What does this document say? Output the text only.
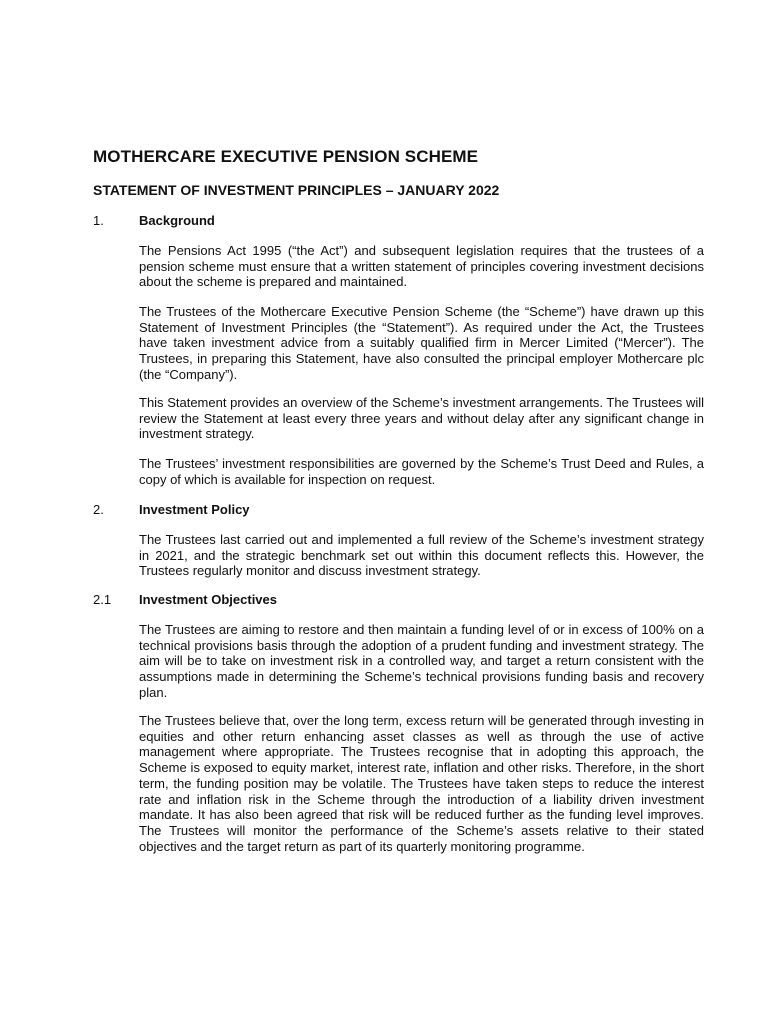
MOTHERCARE EXECUTIVE PENSION SCHEME
STATEMENT OF INVESTMENT PRINCIPLES – JANUARY 2022
1.	Background

The Pensions Act 1995 (“the Act”) and subsequent legislation requires that the trustees of a pension scheme must ensure that a written statement of principles covering investment decisions about the scheme is prepared and maintained.

The Trustees of the Mothercare Executive Pension Scheme (the “Scheme”) have drawn up this Statement of Investment Principles (the “Statement”). As required under the Act, the Trustees have taken investment advice from a suitably qualified firm in Mercer Limited (“Mercer”). The Trustees, in preparing this Statement, have also consulted the principal employer Mothercare plc (the “Company”).

This Statement provides an overview of the Scheme’s investment arrangements. The Trustees will review the Statement at least every three years and without delay after any significant change in investment strategy.

The Trustees’ investment responsibilities are governed by the Scheme’s Trust Deed and Rules, a copy of which is available for inspection on request.

2.	Investment Policy

The Trustees last carried out and implemented a full review of the Scheme’s investment strategy in 2021, and the strategic benchmark set out within this document reflects this. However, the Trustees regularly monitor and discuss investment strategy.

2.1 Investment Objectives

The Trustees are aiming to restore and then maintain a funding level of or in excess of 100% on a technical provisions basis through the adoption of a prudent funding and investment strategy. The aim will be to take on investment risk in a controlled way, and target a return consistent with the assumptions made in determining the Scheme’s technical provisions funding basis and recovery plan.

The Trustees believe that, over the long term, excess return will be generated through investing in equities and other return enhancing asset classes as well as through the use of active management where appropriate. The Trustees recognise that in adopting this approach, the Scheme is exposed to equity market, interest rate, inflation and other risks. Therefore, in the short term, the funding position may be volatile. The Trustees have taken steps to reduce the interest rate and inflation risk in the Scheme through the introduction of a liability driven investment mandate. It has also been agreed that risk will be reduced further as the funding level improves. The Trustees will monitor the performance of the Scheme’s assets relative to their stated objectives and the target return as part of its quarterly monitoring programme.
